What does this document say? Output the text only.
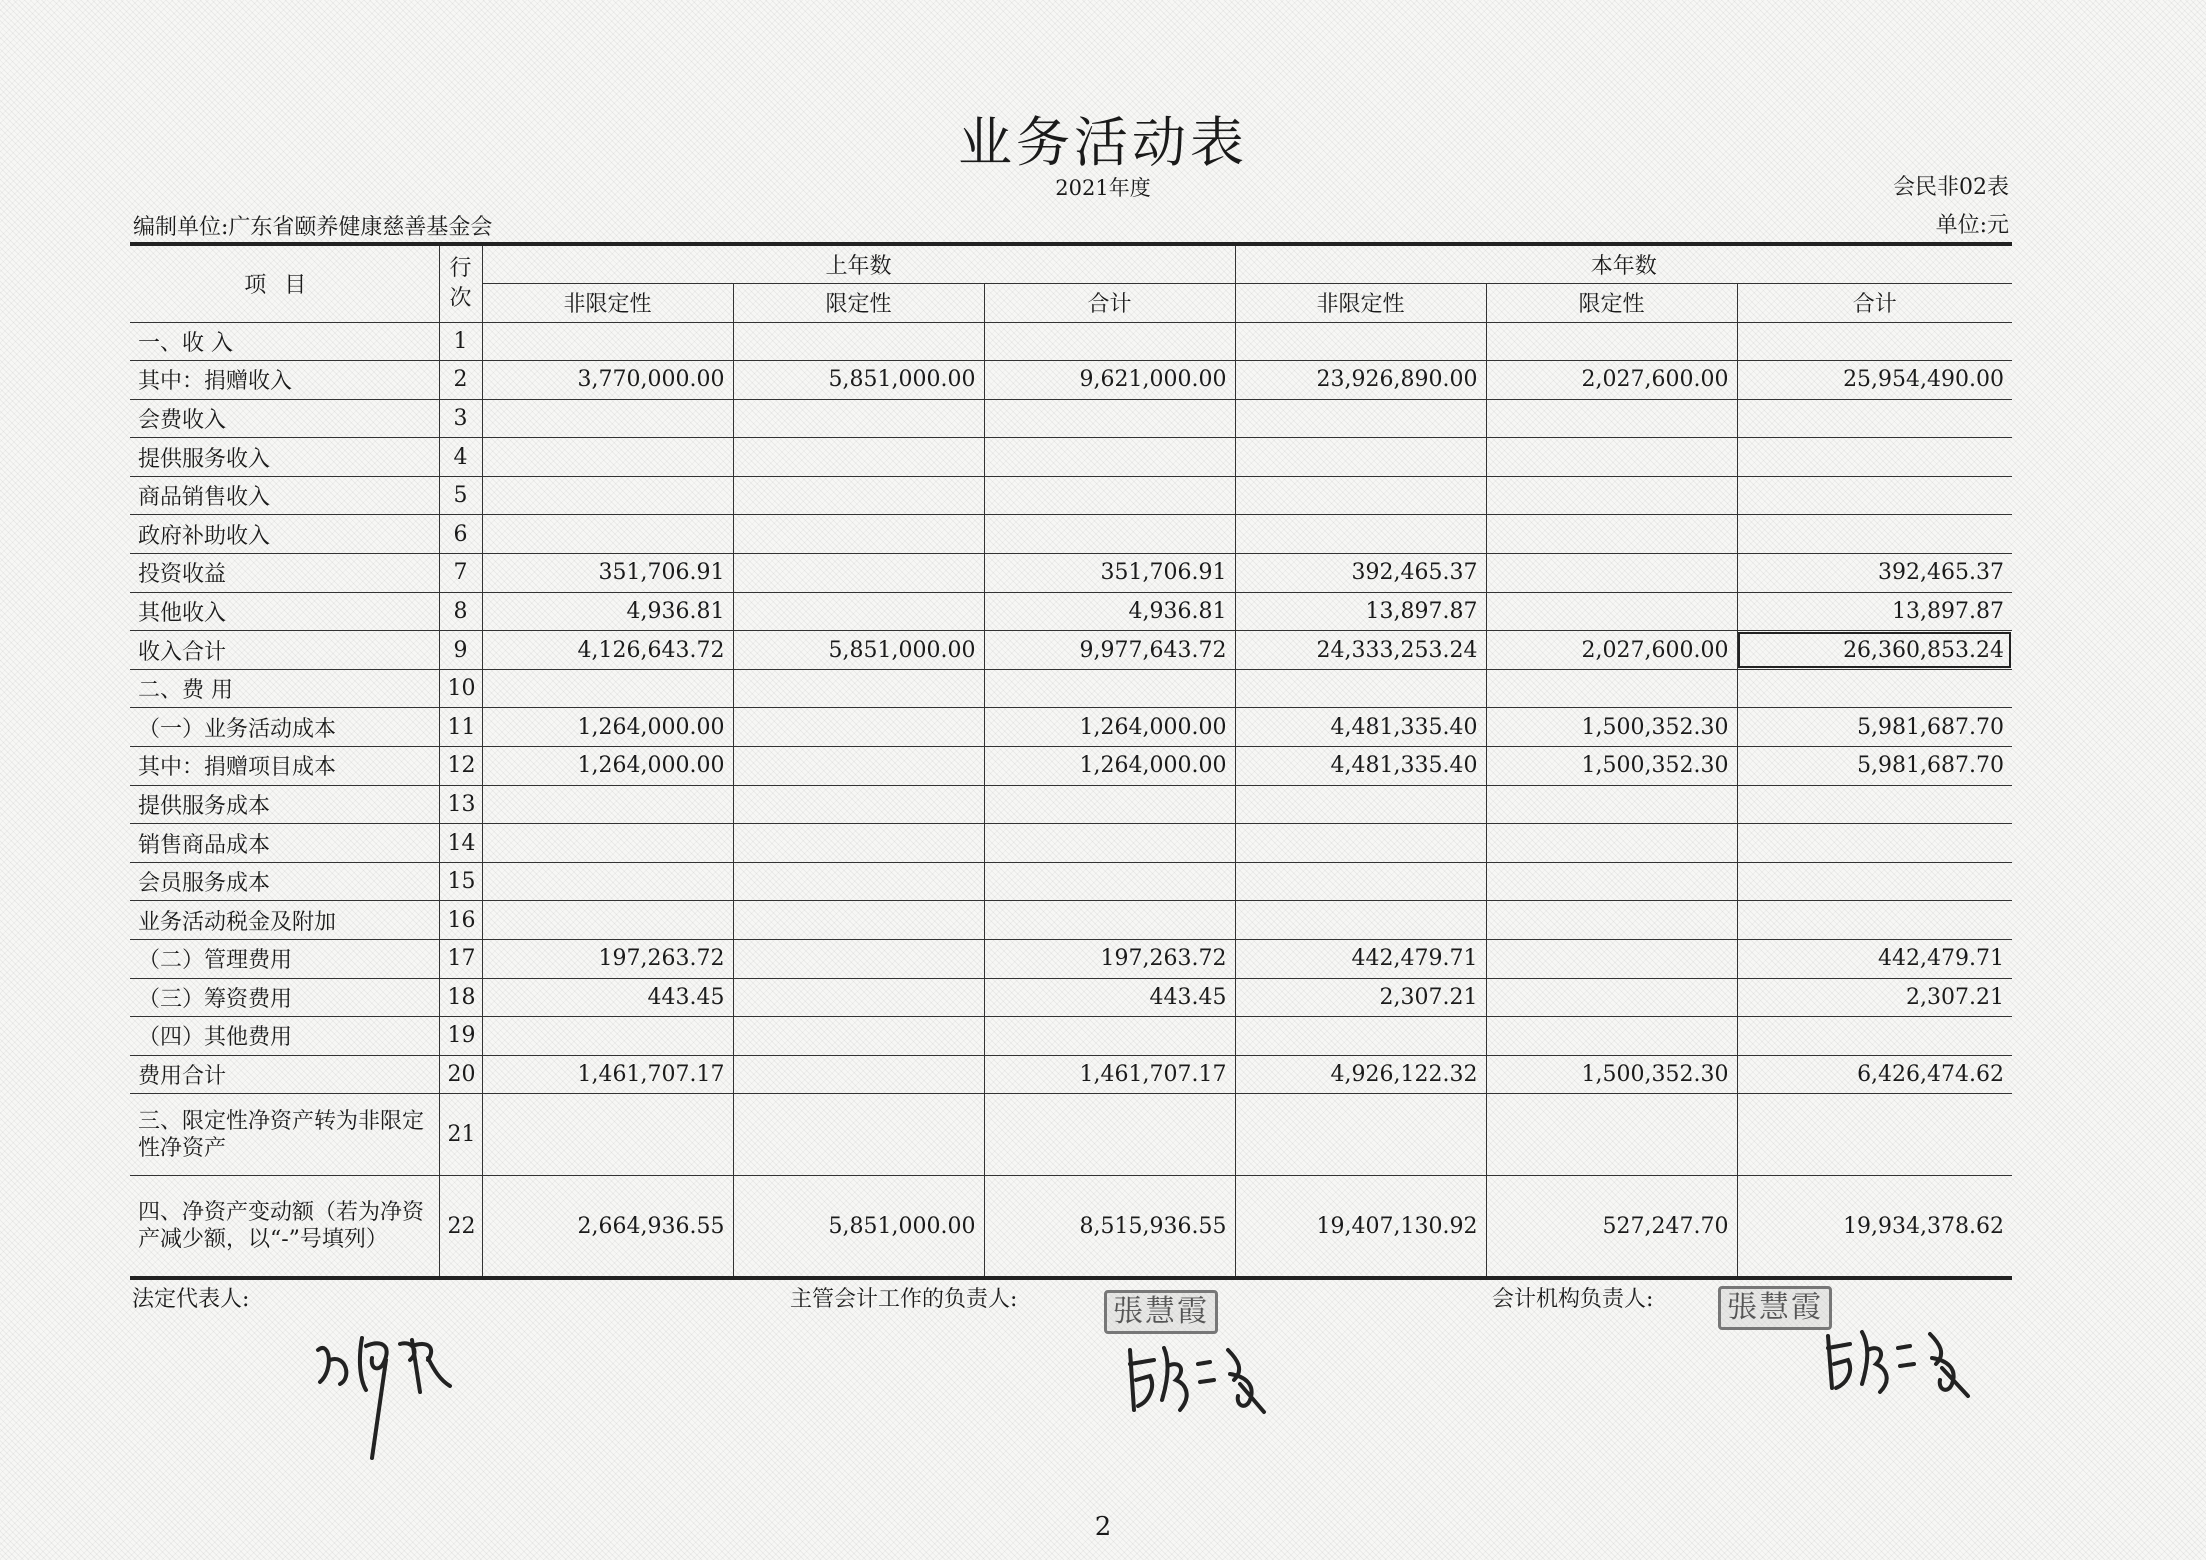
业务活动表
2021年度	会民非02表
编制单位:广东省颐养健康慈善基金会	单位:元
项目	行次	上年数			本年数		
		非限定性	限定性	合计	非限定性	限定性	合计
一、收 入	1						
其中：捐赠收入	2	3,770,000.00	5,851,000.00	9,621,000.00	23,926,890.00	2,027,600.00	25,954,490.00
会费收入	3						
提供服务收入	4						
商品销售收入	5						
政府补助收入	6						
投资收益	7	351,706.91		351,706.91	392,465.37		392,465.37
其他收入	8	4,936.81		4,936.81	13,897.87		13,897.87
收入合计	9	4,126,643.72	5,851,000.00	9,977,643.72	24,333,253.24	2,027,600.00	26,360,853.24
二、费 用	10						
（一）业务活动成本	11	1,264,000.00		1,264,000.00	4,481,335.40	1,500,352.30	5,981,687.70
其中：捐赠项目成本	12	1,264,000.00		1,264,000.00	4,481,335.40	1,500,352.30	5,981,687.70
提供服务成本	13						
销售商品成本	14						
会员服务成本	15						
业务活动税金及附加	16						
（二）管理费用	17	197,263.72		197,263.72	442,479.71		442,479.71
（三）筹资费用	18	443.45		443.45	2,307.21		2,307.21
（四）其他费用	19						
费用合计	20	1,461,707.17		1,461,707.17	4,926,122.32	1,500,352.30	6,426,474.62
三、限定性净资产转为非限定性净资产	21						
四、净资产变动额（若为净资产减少额，以“-”号填列）	22	2,664,936.55	5,851,000.00	8,515,936.55	19,407,130.92	527,247.70	19,934,378.62
法定代表人:	主管会计工作的负责人:	会计机构负责人:
張慧霞	張慧霞
2
